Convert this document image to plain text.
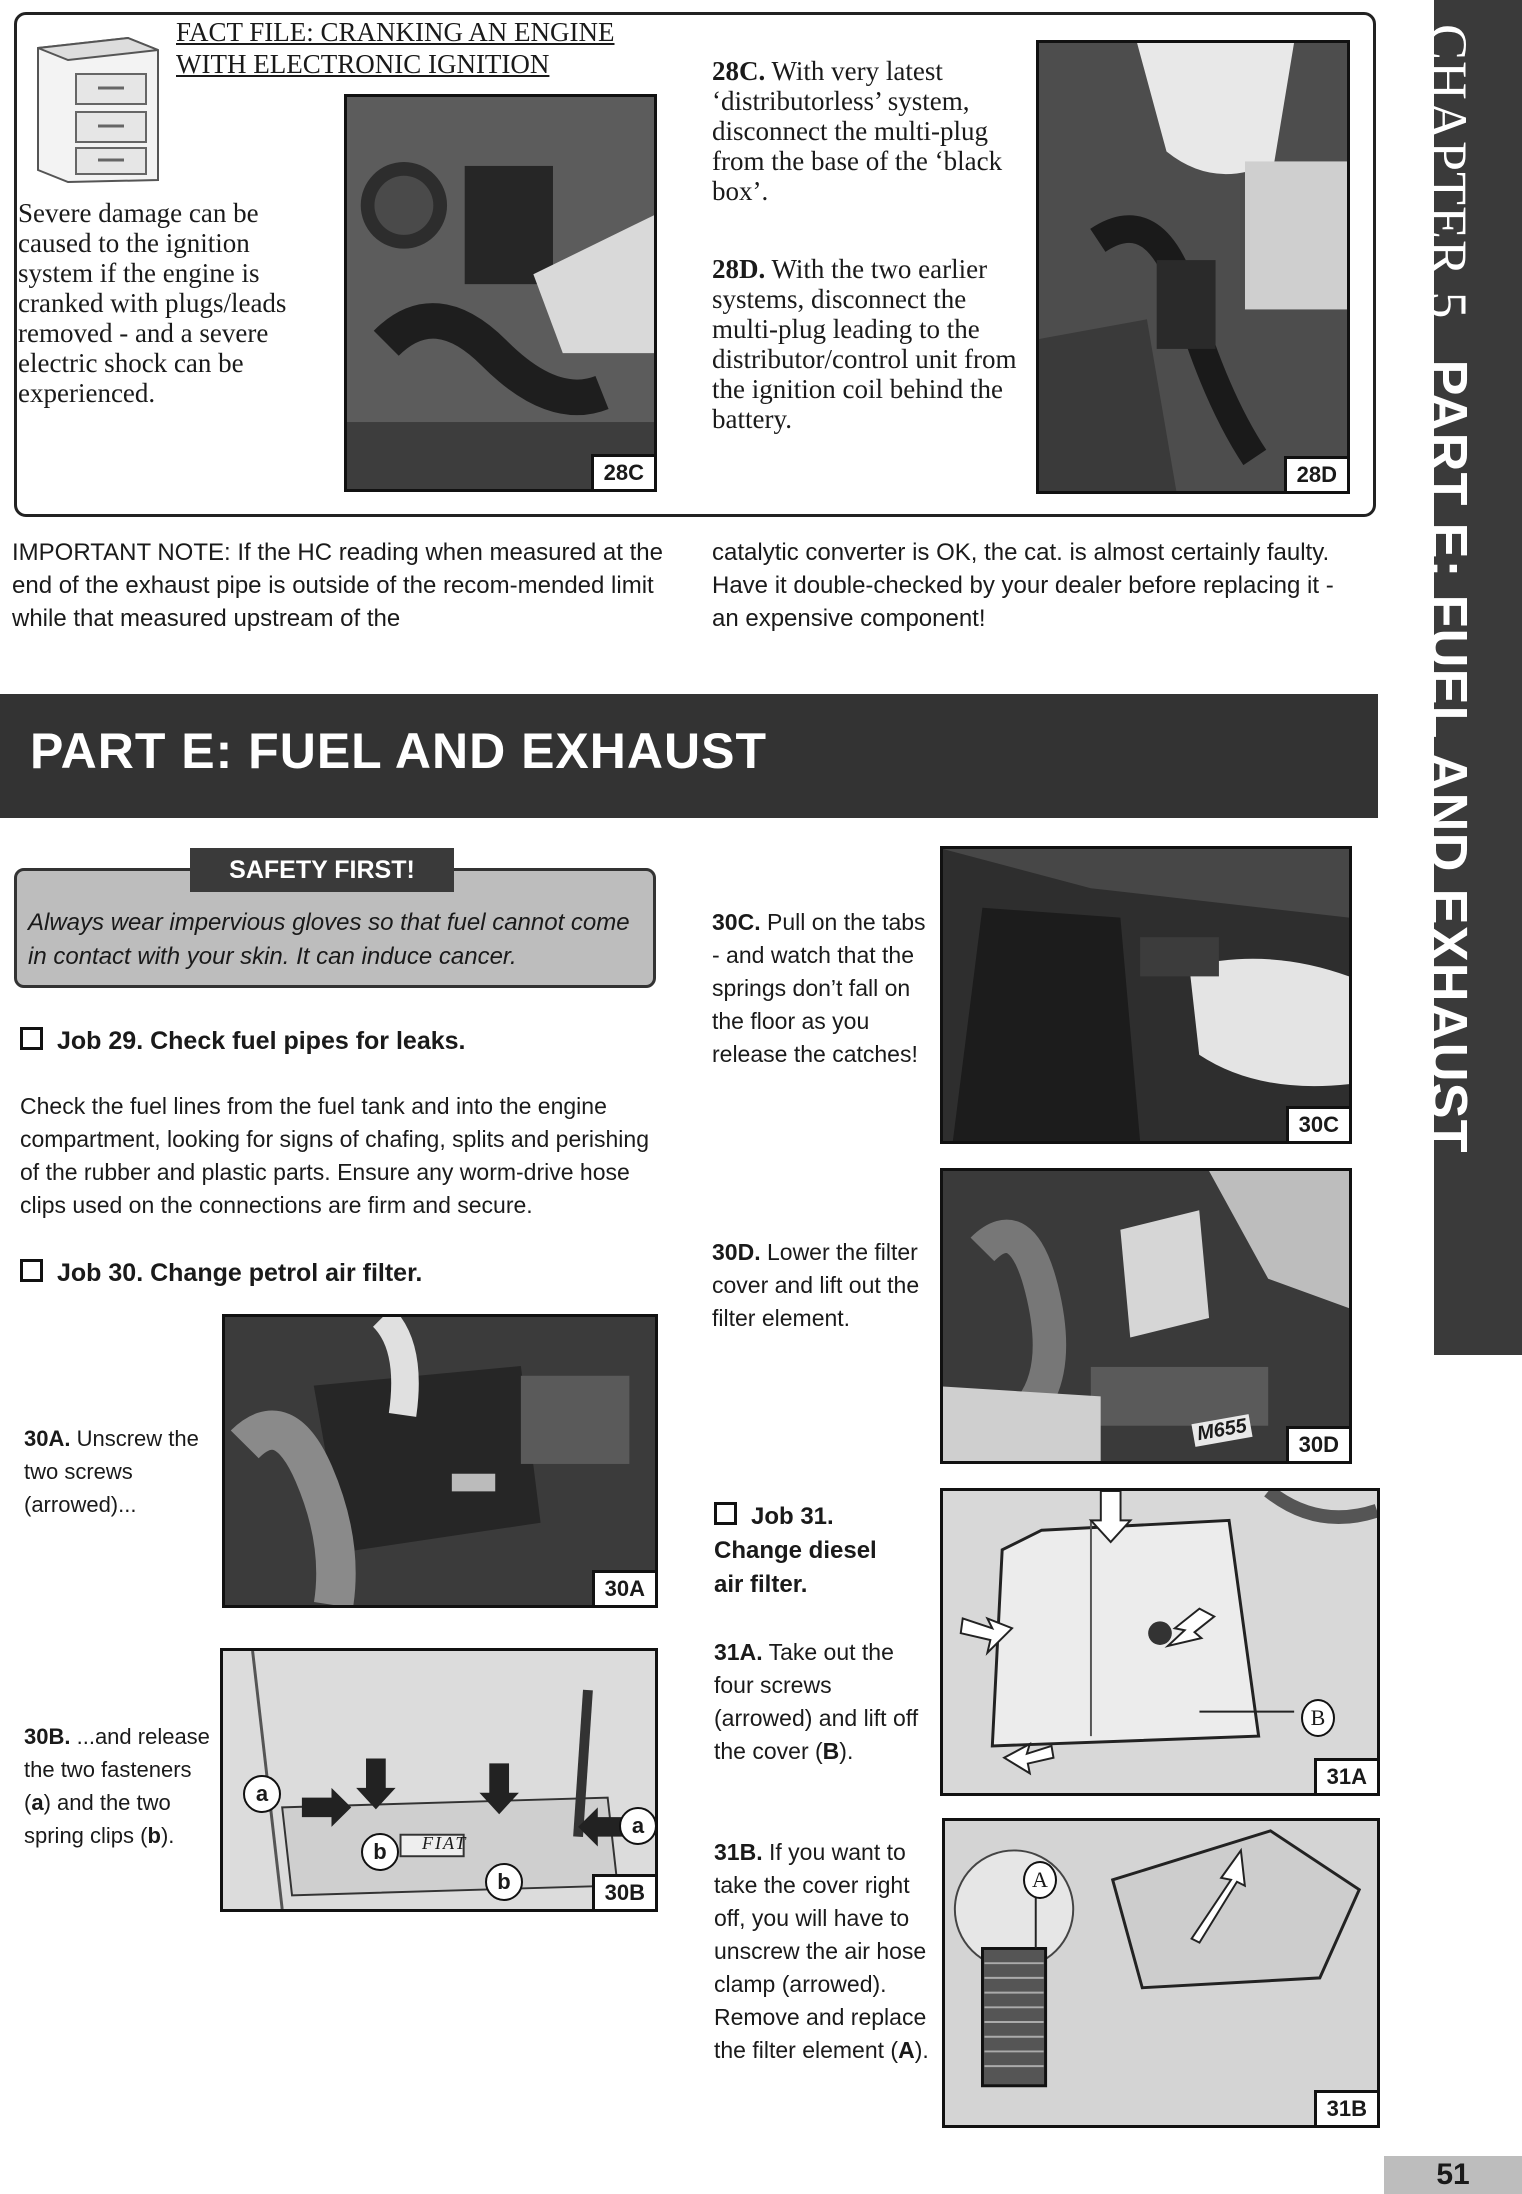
FACT FILE: CRANKING AN ENGINE
WITH ELECTRONIC IGNITION
Severe damage can be caused to the ignition system if the engine is cranked with plugs/leads removed - and a severe electric shock can be experienced.
28C
28C. With very latest ‘distributorless’ system, disconnect the multi-plug from the base of the ‘black box’.
28D. With the two earlier systems, disconnect the multi-plug leading to the distributor/control unit from the ignition coil behind the battery.
28D
IMPORTANT NOTE: If the HC reading when measured at the end of the exhaust pipe is outside of the recom-mended limit while that measured upstream of the
catalytic converter is OK, the cat. is almost certainly faulty. Have it double-checked by your dealer before replacing it - an expensive component!
PART E: FUEL AND EXHAUST
SAFETY FIRST!
Always wear impervious gloves so that fuel cannot come in contact with your skin. It can induce cancer.
Job 29. Check fuel pipes for leaks.
Check the fuel lines from the fuel tank and into the engine compartment, looking for signs of chafing, splits and perishing of the rubber and plastic parts. Ensure any worm-drive hose clips used on the connections are firm and secure.
Job 30. Change petrol air filter.
30A. Unscrew the two screws (arrowed)...
30A
30B. ...and release the two fasteners (a) and the two spring clips (b).	FIAT
a
a
b
b	30B
30C. Pull on the tabs - and watch that the springs don’t fall on the floor as you release the catches!
30C
30D. Lower the filter cover and lift out the filter element.
M655	30D
Job 31.
Change diesel
air filter.
31A. Take out the four screws (arrowed) and lift off the cover (B).
B
31A
31B. If you want to take the cover right off, you will have to unscrew the air hose clamp (arrowed). Remove and replace the filter element (A).
A
31B
CHAPTER 5PART E: FUEL AND EXHAUST
51
